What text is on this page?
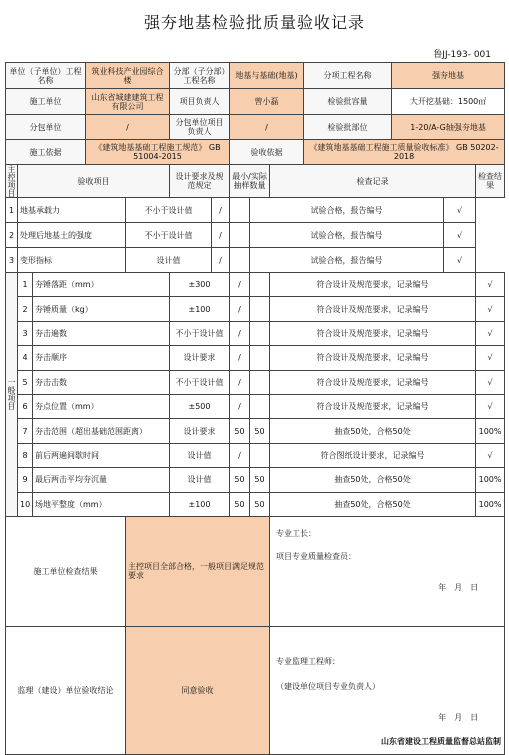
强夯地基检验批质量验收记录
鲁JJ-193- 001
单位（子单位）工程名称			筑业科技产业园综合楼		分部（子分部）工程名称		地基与基础(地基)			分项工程名称	强夯地基		
施工单位			山东省城建建筑工程有限公司		项目负责人		曾小磊			检验批容量	大开挖基础：1500㎡		
分包单位			/		分包单位项目负责人		/			检验批部位	1-20/A-G轴强夯地基		
施工依据			《建筑地基基础工程施工规范》 GB 51004-2015				验收依据			《建筑地基基础工程施工质量验收标准》 GB 50202-2018			
主控项目	验收项目				设计要求及规范规定		最小/实际抽样数量		检查记录				检查结果
1	地基承载力			不小于设计值		/		试验合格，报告编号				√	
2	处理后地基土的强度			不小于设计值		/		试验合格，报告编号				√	
3	变形指标			设计值		/		试验合格，报告编号				√	
一般项目	1	夯锤落距（mm）			±300		/		符合设计及规范要求，记录编号				√
	2	夯锤质量（kg）			±100		/		符合设计及规范要求，记录编号				√
	3	夯击遍数			不小于设计值		/		符合设计及规范要求，记录编号				√
	4	夯击顺序			设计要求		/		符合设计及规范要求，记录编号				√
	5	夯击击数			不小于设计值		/		符合设计及规范要求，记录编号				√
	6	夯点位置（mm）			±500		/		符合设计及规范要求，记录编号				√
	7	夯击范围（超出基础范围距离）			设计要求		50	50	抽查50处，合格50处				100%
	8	前后两遍间歇时间			设计值		/		符合图纸设计要求，记录编号				√
	9	最后两击平均夯沉量			设计值		50	50	抽查50处，合格50处				100%
	10	场地平整度（mm）			±100		50	50	抽查50处，合格50处				100%
施工单位检查结果				主控项目全部合格，一般项目满足规范要求					专业工长：
项目专业质量检查员：
年　月　日				

监理（建设）单位验收结论				同意验收					专业监理工程师：
（建设单位项目专业负责人）
年　月　日				
山东省建设工程质量监督总站监制
